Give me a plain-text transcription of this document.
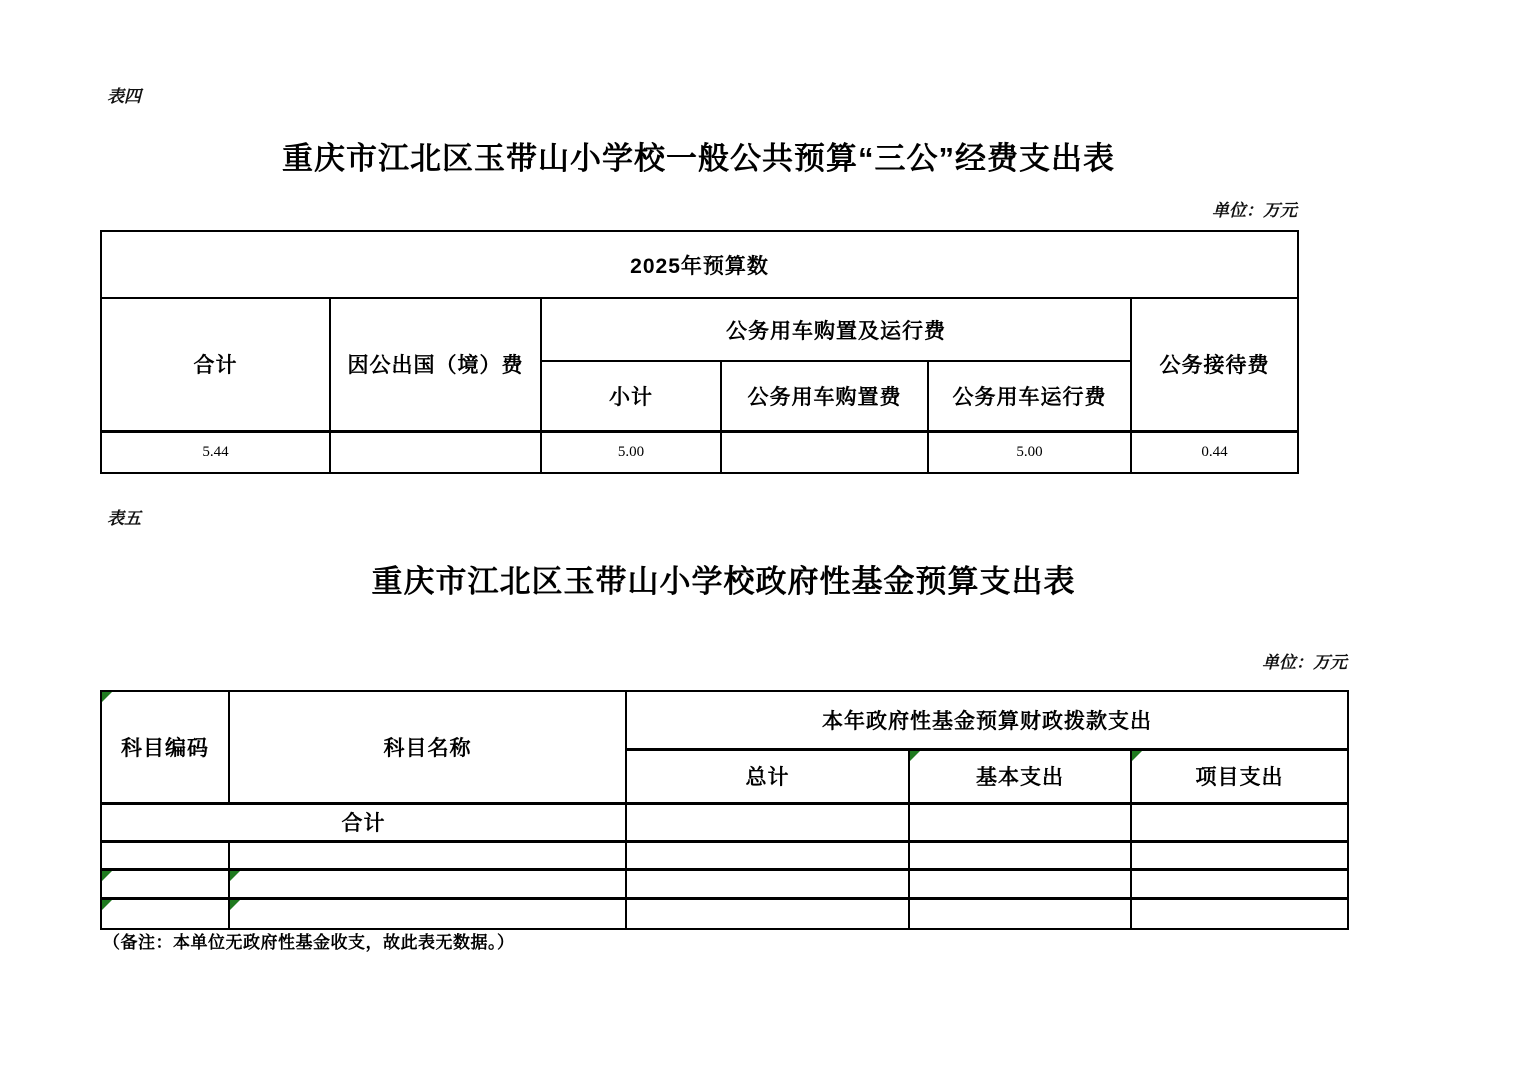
表四
重庆市江北区玉带山小学校一般公共预算“三公”经费支出表
单位：万元
2025年预算数					
合计	因公出国（境）费	公务用车购置及运行费			公务接待费
		小计	公务用车购置费	公务用车运行费	
5.44		5.00		5.00	0.44
表五
重庆市江北区玉带山小学校政府性基金预算支出表
单位：万元
科目编码	科目名称	本年政府性基金预算财政拨款支出		
		总计	基本支出	项目支出
合计				

（备注：本单位无政府性基金收支，故此表无数据。）
